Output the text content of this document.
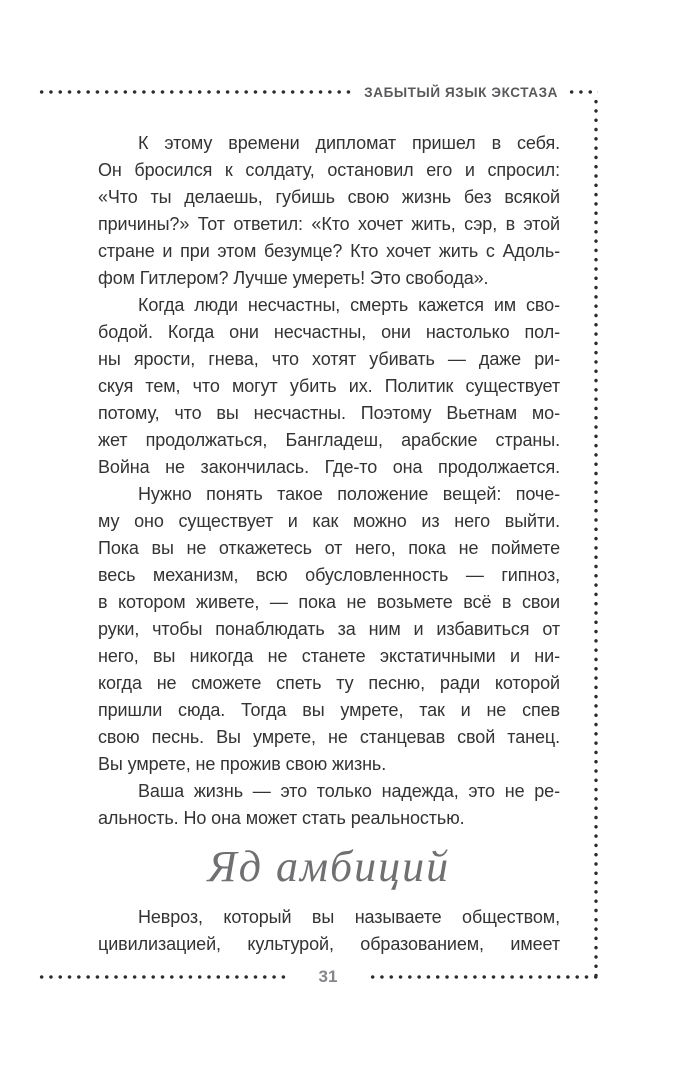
ЗАБЫТЫЙ ЯЗЫК ЭКСТАЗА
К этому времени дипломат пришел в себя.
Он бросился к солдату, остановил его и спросил:
«Что ты делаешь, губишь свою жизнь без всякой
причины?» Тот ответил: «Кто хочет жить, сэр, в этой
стране и при этом безумце? Кто хочет жить с Адоль-
фом Гитлером? Лучше умереть! Это свобода».
Когда люди несчастны, смерть кажется им сво-
бодой. Когда они несчастны, они настолько пол-
ны ярости, гнева, что хотят убивать — даже ри-
скуя тем, что могут убить их. Политик существует
потому, что вы несчастны. Поэтому Вьетнам мо-
жет продолжаться, Бангладеш, арабские страны.
Война не закончилась. Где-то она продолжается.
Нужно понять такое положение вещей: поче-
му оно существует и как можно из него выйти.
Пока вы не откажетесь от него, пока не поймете
весь механизм, всю обусловленность — гипноз,
в котором живете, — пока не возьмете всё в свои
руки, чтобы понаблюдать за ним и избавиться от
него, вы никогда не станете экстатичными и ни-
когда не сможете спеть ту песню, ради которой
пришли сюда. Тогда вы умрете, так и не спев
свою песнь. Вы умрете, не станцевав свой танец.
Вы умрете, не прожив свою жизнь.
Ваша жизнь — это только надежда, это не ре-
альность. Но она может стать реальностью.
Яд амбиций
Невроз, который вы называете обществом,
цивилизацией, культурой, образованием, имеет
31
